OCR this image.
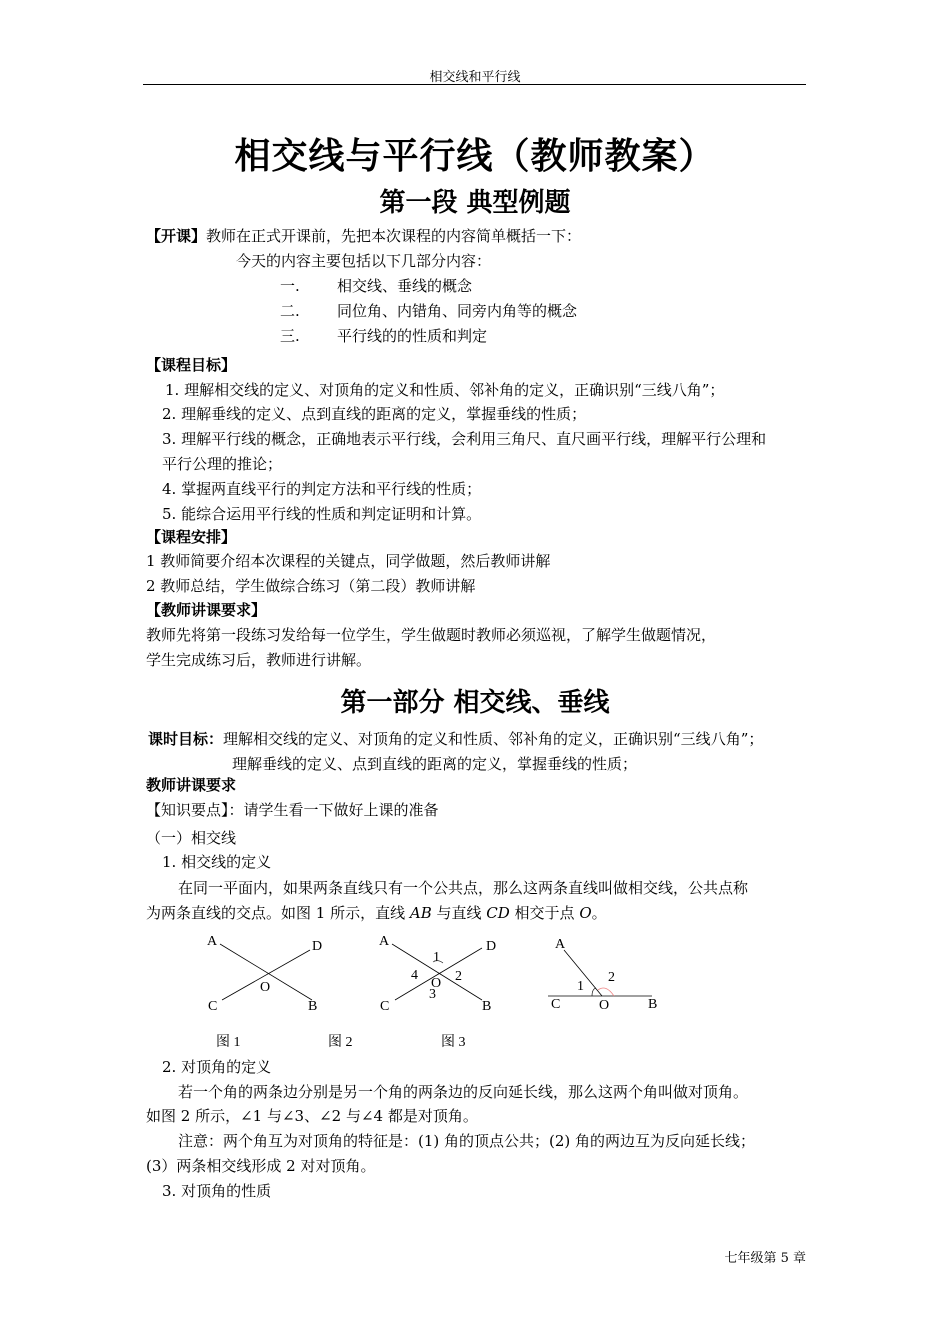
相交线和平行线
相交线与平行线（教师教案）
第一段 典型例题
【开课】教师在正式开课前，先把本次课程的内容简单概括一下：
今天的内容主要包括以下几部分内容：
一. 相交线、垂线的概念
二. 同位角、内错角、同旁内角等的概念
三. 平行线的的性质和判定
【课程目标】
1. 理解相交线的定义、对顶角的定义和性质、邻补角的定义，正确识别“三线八角”；
2. 理解垂线的定义、点到直线的距离的定义，掌握垂线的性质；
3. 理解平行线的概念，正确地表示平行线，会利用三角尺、直尺画平行线，理解平行公理和
平行公理的推论；
4. 掌握两直线平行的判定方法和平行线的性质；
5. 能综合运用平行线的性质和判定证明和计算。
【课程安排】
1 教师简要介绍本次课程的关键点，同学做题，然后教师讲解
2 教师总结，学生做综合练习（第二段）教师讲解
【教师讲课要求】
教师先将第一段练习发给每一位学生，学生做题时教师必须巡视，了解学生做题情况，
学生完成练习后，教师进行讲解。
第一部分 相交线、垂线
课时目标：理解相交线的定义、对顶角的定义和性质、邻补角的定义，正确识别“三线八角”；
理解垂线的定义、点到直线的距离的定义，掌握垂线的性质；
教师讲课要求
【知识要点】：请学生看一下做好上课的准备
（一）相交线
1. 相交线的定义
在同一平面内，如果两条直线只有一个公共点，那么这两条直线叫做相交线，公共点称
为两条直线的交点。如图 1 所示，直线 AB 与直线 CD 相交于点 O。
A	D
O
C	B
图 1
A	D
1
4
O 2
3
C	B
图 2
A
2
1
C	O	B
图 3
2. 对顶角的定义
若一个角的两条边分别是另一个角的两条边的反向延长线，那么这两个角叫做对顶角。
如图 2 所示，∠1 与∠3、∠2 与∠4 都是对顶角。
注意：两个角互为对顶角的特征是：(1) 角的顶点公共；(2) 角的两边互为反向延长线；
(3）两条相交线形成 2 对对顶角。
3. 对顶角的性质
七年级第 5 章
